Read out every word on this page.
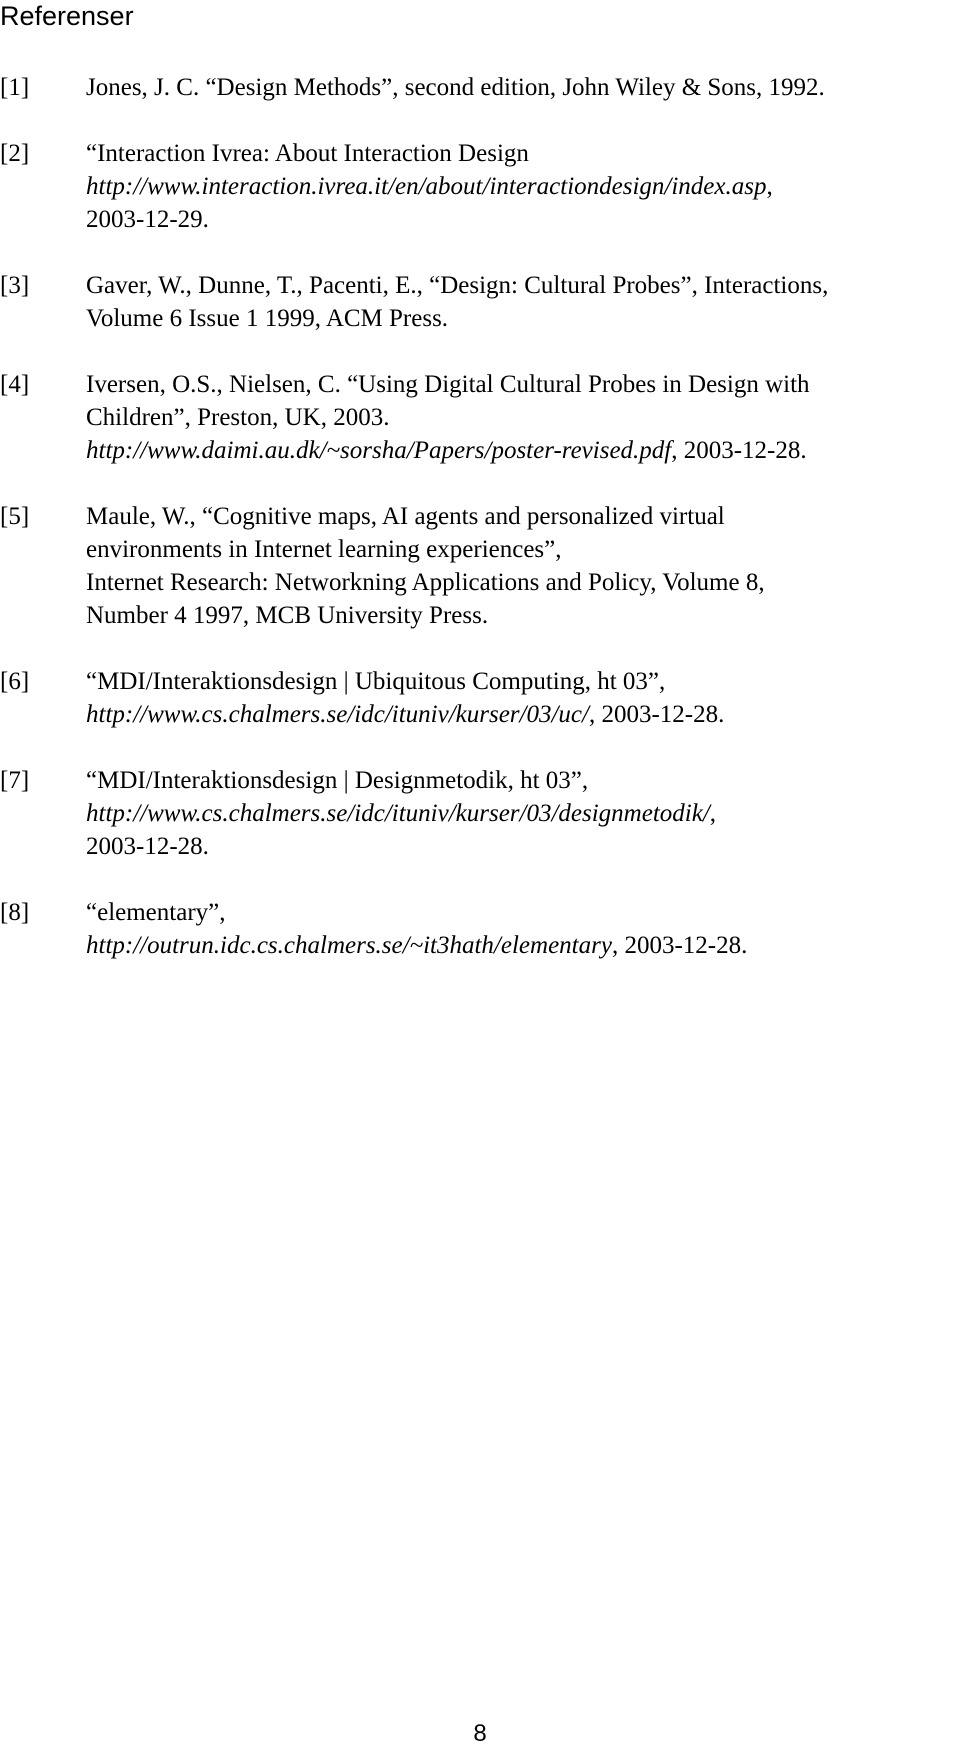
Referenser
[1] Jones, J. C. “Design Methods”, second edition, John Wiley & Sons, 1992.
[2] “Interaction Ivrea: About Interaction Design
http://www.interaction.ivrea.it/en/about/interactiondesign/index.asp,
2003-12-29.
[3] Gaver, W., Dunne, T., Pacenti, E., “Design: Cultural Probes”, Interactions,
Volume 6 Issue 1 1999, ACM Press.
[4] Iversen, O.S., Nielsen, C. “Using Digital Cultural Probes in Design with
Children”, Preston, UK, 2003.
http://www.daimi.au.dk/~sorsha/Papers/poster-revised.pdf, 2003-12-28.
[5] Maule, W., “Cognitive maps, AI agents and personalized virtual
environments in Internet learning experiences”,
Internet Research: Networkning Applications and Policy, Volume 8,
Number 4 1997, MCB University Press.
[6] “MDI/Interaktionsdesign | Ubiquitous Computing, ht 03”,
http://www.cs.chalmers.se/idc/ituniv/kurser/03/uc/, 2003-12-28.
[7] “MDI/Interaktionsdesign | Designmetodik, ht 03”,
http://www.cs.chalmers.se/idc/ituniv/kurser/03/designmetodik/,
2003-12-28.
[8] “elementary”,
http://outrun.idc.cs.chalmers.se/~it3hath/elementary, 2003-12-28.
8
